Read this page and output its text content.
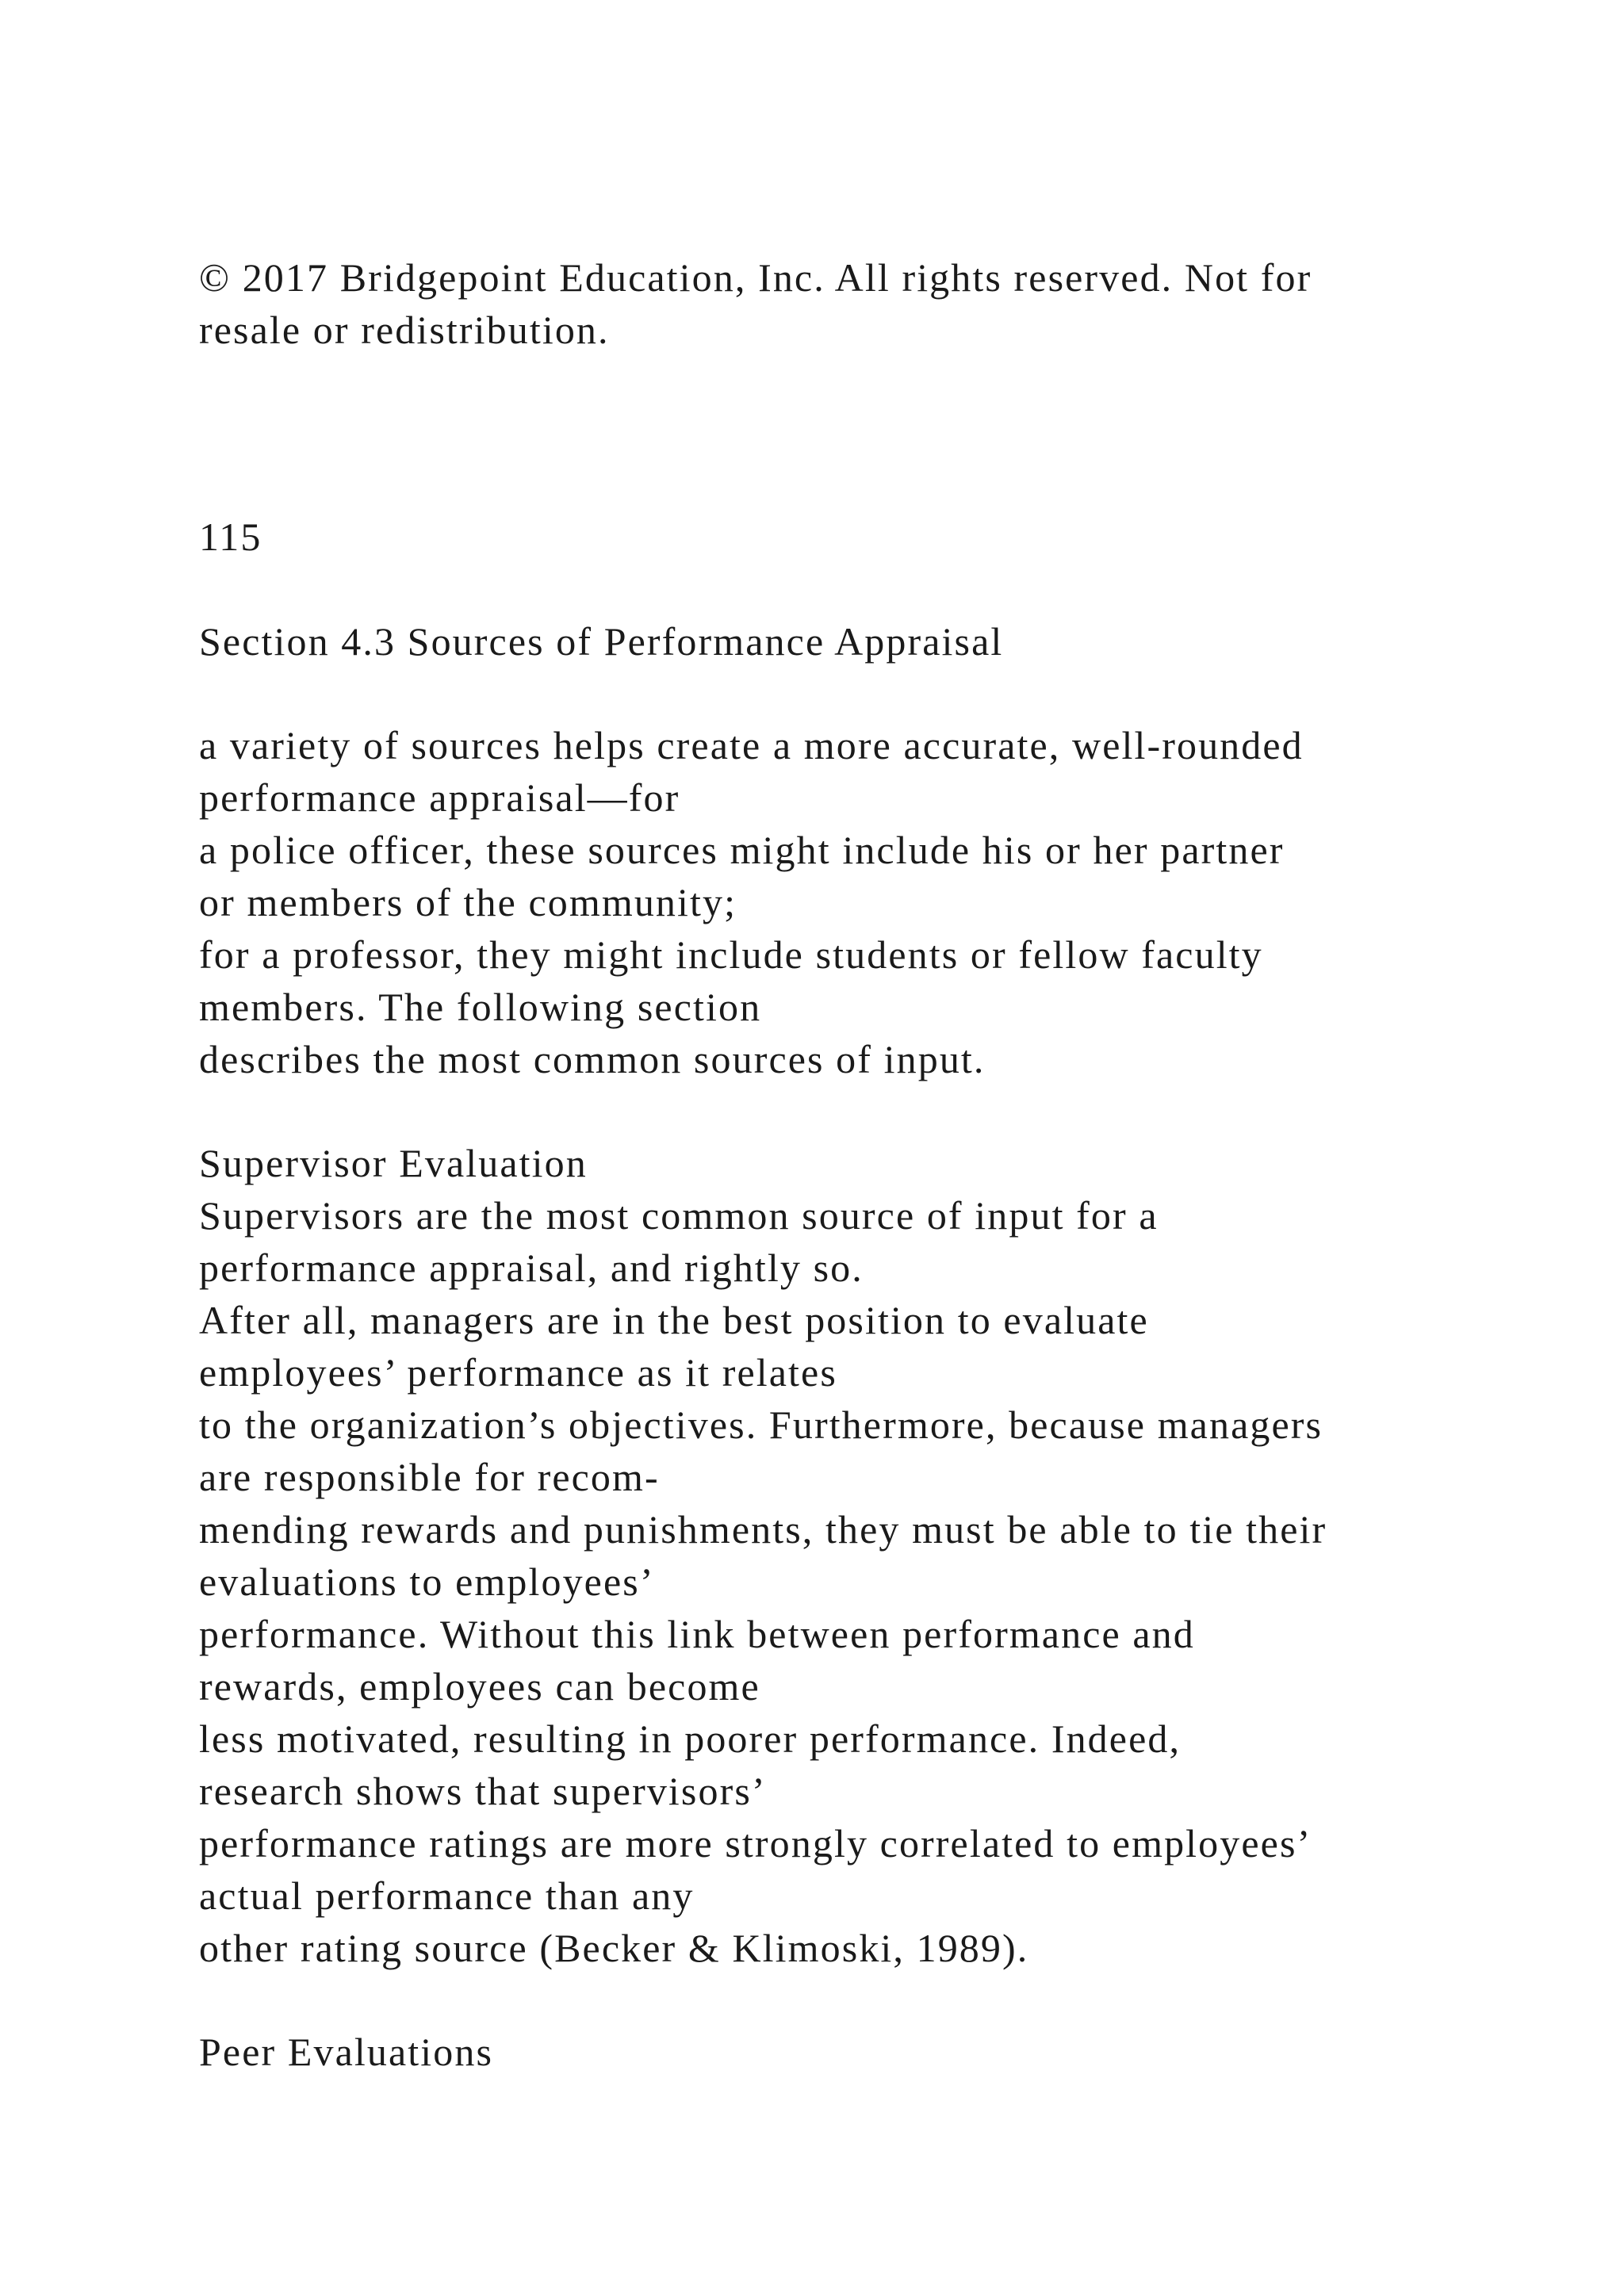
© 2017 Bridgepoint Education, Inc. All rights reserved. Not for

resale or redistribution.

115

Section 4.3 Sources of Performance Appraisal

a variety of sources helps create a more accurate, well-rounded

performance appraisal—for

a police officer, these sources might include his or her partner

or members of the community;

for a professor, they might include students or fellow faculty

members. The following section

describes the most common sources of input.

Supervisor Evaluation

Supervisors are the most common source of input for a

performance appraisal, and rightly so.

After all, managers are in the best position to evaluate

employees’ performance as it relates

to the organization’s objectives. Furthermore, because managers

are responsible for recom-

mending rewards and punishments, they must be able to tie their

evaluations to employees’

performance. Without this link between performance and

rewards, employees can become

less motivated, resulting in poorer performance. Indeed,

research shows that supervisors’

performance ratings are more strongly correlated to employees’

actual performance than any

other rating source (Becker & Klimoski, 1989).

Peer Evaluations
